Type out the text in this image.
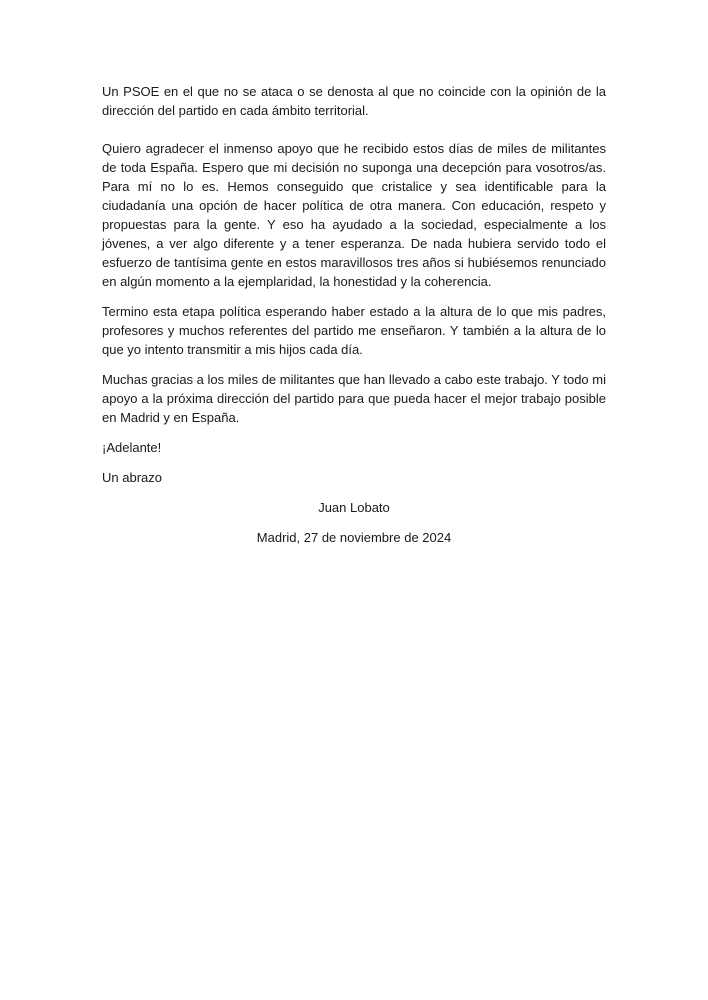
Un PSOE en el que no se ataca o se denosta al que no coincide con la opinión de la dirección del partido en cada ámbito territorial.

Quiero agradecer el inmenso apoyo que he recibido estos días de miles de militantes de toda España. Espero que mi decisión no suponga una decepción para vosotros/as. Para mí no lo es. Hemos conseguido que cristalice y sea identificable para la ciudadanía una opción de hacer política de otra manera. Con educación, respeto y propuestas para la gente. Y eso ha ayudado a la sociedad, especialmente a los jóvenes, a ver algo diferente y a tener esperanza. De nada hubiera servido todo el esfuerzo de tantísima gente en estos maravillosos tres años si hubiésemos renunciado en algún momento a la ejemplaridad, la honestidad y la coherencia.

Termino esta etapa política esperando haber estado a la altura de lo que mis padres, profesores y muchos referentes del partido me enseñaron. Y también a la altura de lo que yo intento transmitir a mis hijos cada día.

Muchas gracias a los miles de militantes que han llevado a cabo este trabajo. Y todo mi apoyo a la próxima dirección del partido para que pueda hacer el mejor trabajo posible en Madrid y en España.

¡Adelante!

Un abrazo

Juan Lobato

Madrid, 27 de noviembre de 2024
